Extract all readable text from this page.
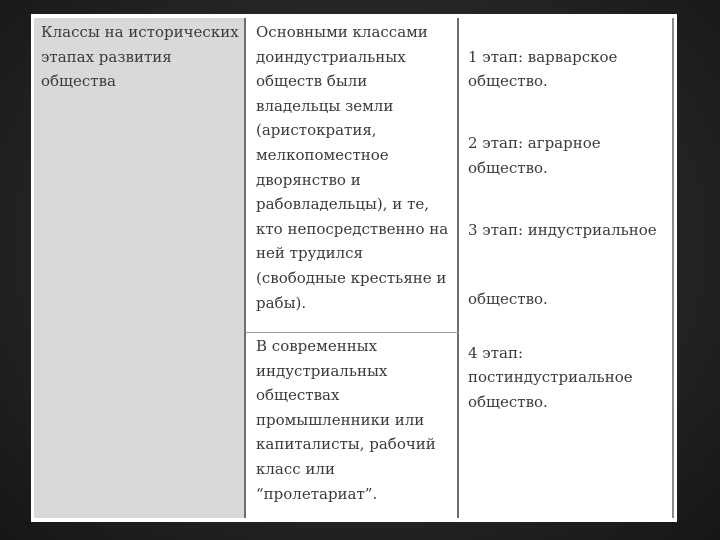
Классы на исторических
этапах развития
общества

Основными классами
доиндустриальных
обществ были
владельцы земли
(аристократия,
мелкопоместное
дворянство и
рабовладельцы), и те,
кто непосредственно на
ней трудился
(свободные крестьяне и
рабы).

В современных
индустриальных
обществах
промышленники или
капиталисты, рабочий
класс или
“пролетариат”.

1 этап: варварское
общество.

2 этап: аграрное
общество.

3 этап: индустриальное

общество.

4 этап:
постиндустриальное
общество.
